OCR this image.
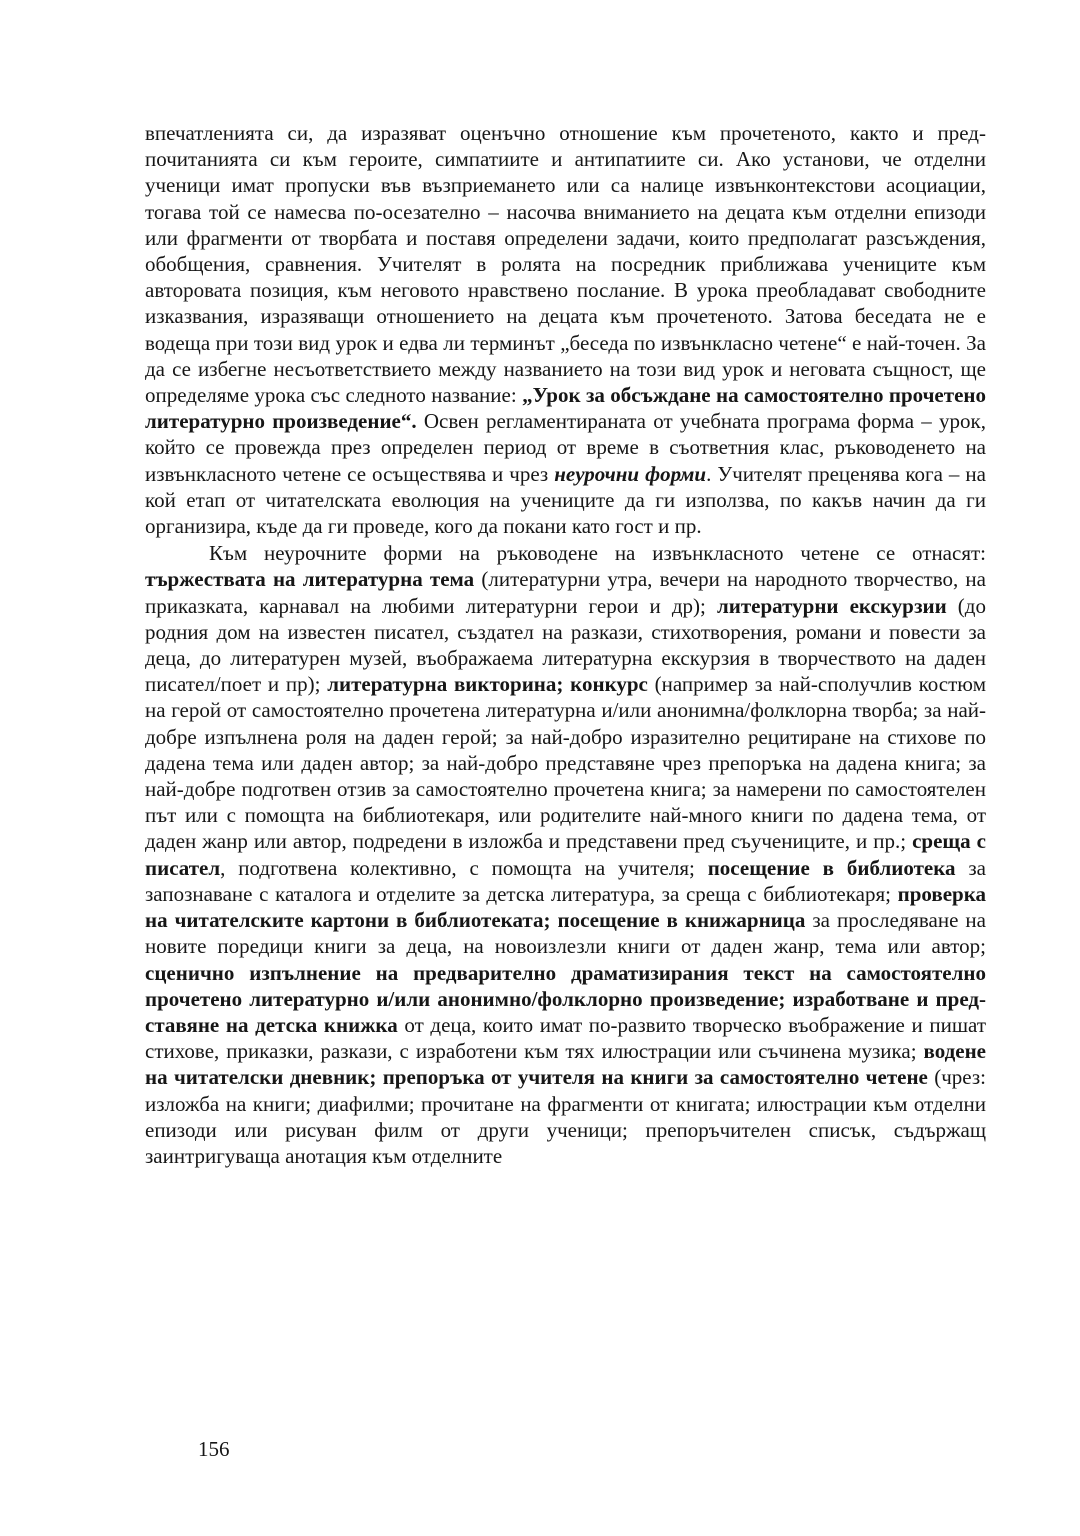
впечатленията си, да изразяват оценъчно отношение към прочетеното, както и предпочитанията си към героите, симпатиите и антипатиите си. Ако установи, че отделни ученици имат пропуски във възприемането или са налице извънконтекстови асоциации, тогава той се намесва по-осезателно – насочва вниманието на децата към отделни епизоди или фрагменти от творбата и поставя определени задачи, които предполагат разсъждения, обобщения, сравнения. Учителят в ролята на посредник приближава учениците към авторовата позиция, към неговото нравствено послание. В урока преобладават свободните изказвания, изразяващи отношението на децата към прочетеното. Затова беседата не е водеща при този вид урок и едва ли терминът „беседа по извънкласно четене“ е най-точен. За да се избегне несъответствието между названието на този вид урок и неговата същност, ще определяме урока със следното название: „Урок за обсъждане на самостоятелно прочетено литературно произведение“. Освен регламентираната от учебната програма форма – урок, който се провежда през определен период от време в съответния клас, ръководенето на извънкласното четене се осъществява и чрез неурочни форми. Учителят преценява кога – на кой етап от читателската еволюция на учениците да ги използва, по какъв начин да ги организира, къде да ги проведе, кого да покани като гост и пр.

Към неурочните форми на ръководене на извънкласното четене се отнасят: тържествата на литературна тема (литературни утра, вечери на народното творчество, на приказката, карнавал на любими литературни герои и др); литературни екскурзии (до родния дом на известен писател, създател на разкази, стихотворения, романи и повести за деца, до литературен музей, въображаема литературна екскурзия в творчеството на даден писател/поет и пр); литературна викторина; конкурс (например за най-сполучлив костюм на герой от самостоятелно прочетена литературна и/или анонимна/фолклорна творба; за най-добре изпълнена роля на даден герой; за най-добро изразително рецитиране на стихове по дадена тема или даден автор; за най-добро представяне чрез препоръка на дадена книга; за най-добре подготвен отзив за самостоятелно прочетена книга; за намерени по самостоятелен път или с помощта на библиотекаря, или родителите най-много книги по дадена тема, от даден жанр или автор, подредени в изложба и представени пред съучениците, и пр.; среща с писател, подготвена колективно, с помощта на учителя; посещение в библиотека за запознаване с каталога и отделите за детска литература, за среща с библиотекаря; проверка на читателските картони в библиотеката; посещение в книжарница за проследяване на новите поредици книги за деца, на новоизлезли книги от даден жанр, тема или автор; сценично изпълнение на предварително драматизирания текст на самостоятелно прочетено литературно и/или анонимно/фолклорно произведение; изработване и представяне на детска книжка от деца, които имат по-развито творческо въображение и пишат стихове, приказки, разкази, с изработени към тях илюстрации или съчинена музика; водене на читателски дневник; препоръка от учителя на книги за самостоятелно четене (чрез: изложба на книги; диафилми; прочитане на фрагменти от книгата; илюстрации към отделни епизоди или рисуван филм от други ученици; препоръчителен списък, съдържащ заинтригуваща анотация към отделните

156
